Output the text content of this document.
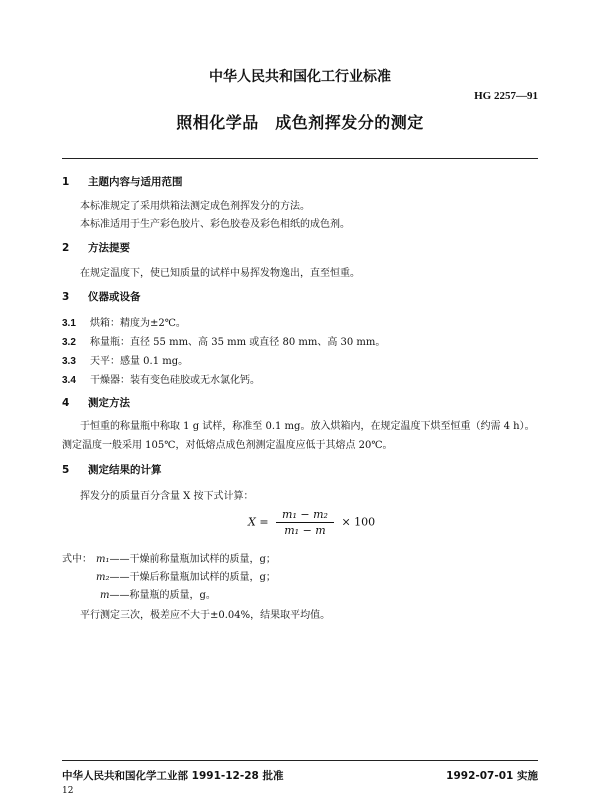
中华人民共和国化工行业标准
HG 2257—91
照相化学品　成色剂挥发分的测定
1 主题内容与适用范围
本标准规定了采用烘箱法测定成色剂挥发分的方法。
本标准适用于生产彩色胶片、彩色胶卷及彩色相纸的成色剂。
2 方法提要
在规定温度下，使已知质量的试样中易挥发物逸出，直至恒重。
3 仪器或设备
3.1 烘箱：精度为±2℃。
3.2 称量瓶：直径 55 mm、高 35 mm 或直径 80 mm、高 30 mm。
3.3 天平：感量 0.1 mg。
3.4 干燥器：装有变色硅胶或无水氯化钙。
4 测定方法
于恒重的称量瓶中称取 1 g 试样，称准至 0.1 mg。放入烘箱内，在规定温度下烘至恒重（约需 4 h）。测定温度一般采用 105℃，对低熔点成色剂测定温度应低于其熔点 20℃。
5 测定结果的计算
挥发分的质量百分含量 X 按下式计算：
$X = \frac{\text{m₁ − m₂}}{\text{m₁ − m}} \times 100$
式中： m₁——干燥前称量瓶加试样的质量，g；
m₂——干燥后称量瓶加试样的质量，g；
m——称量瓶的质量，g。
平行测定三次，极差应不大于±0.04%，结果取平均值。
中华人民共和国化学工业部 1991-12-28 批准	1992-07-01 实施
12
